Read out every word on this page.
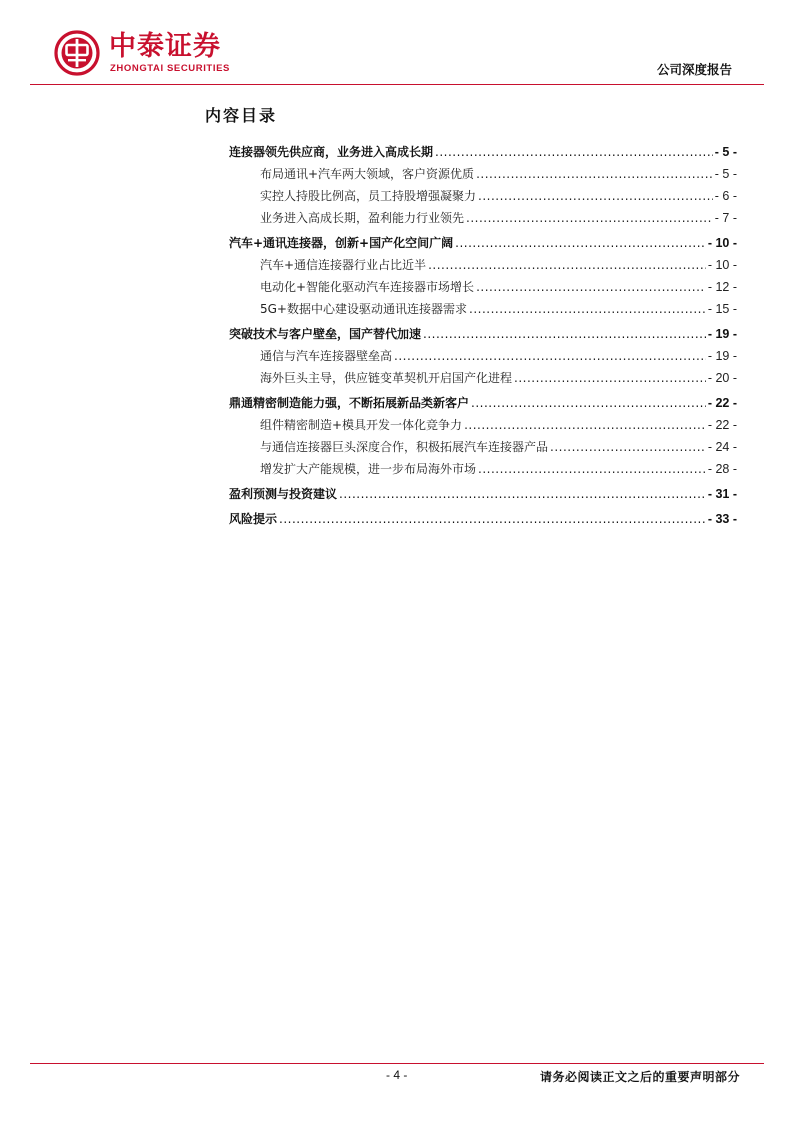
中泰证券
ZHONGTAI SECURITIES	公司深度报告
内容目录
连接器领先供应商，业务进入高成长期 .....	- 5 -
布局通讯+汽车两大领域，客户资源优质 .....	- 5 -
实控人持股比例高，员工持股增强凝聚力 .....	- 6 -
业务进入高成长期，盈利能力行业领先 .....	- 7 -
汽车+通讯连接器，创新+国产化空间广阔 .....	- 10 -
汽车+通信连接器行业占比近半 .....	- 10 -
电动化+智能化驱动汽车连接器市场增长 .....	- 12 -
5G+数据中心建设驱动通讯连接器需求 .....	- 15 -
突破技术与客户壁垒，国产替代加速 .....	- 19 -
通信与汽车连接器壁垒高 .....	- 19 -
海外巨头主导，供应链变革契机开启国产化进程 .....	- 20 -
鼎通精密制造能力强，不断拓展新品类新客户 .....	- 22 -
组件精密制造+模具开发一体化竞争力 .....	- 22 -
与通信连接器巨头深度合作，积极拓展汽车连接器产品 .....	- 24 -
增发扩大产能规模，进一步布局海外市场 .....	- 28 -
盈利预测与投资建议 .....	- 31 -
风险提示 .....	- 33 -
- 4 -	请务必阅读正文之后的重要声明部分
